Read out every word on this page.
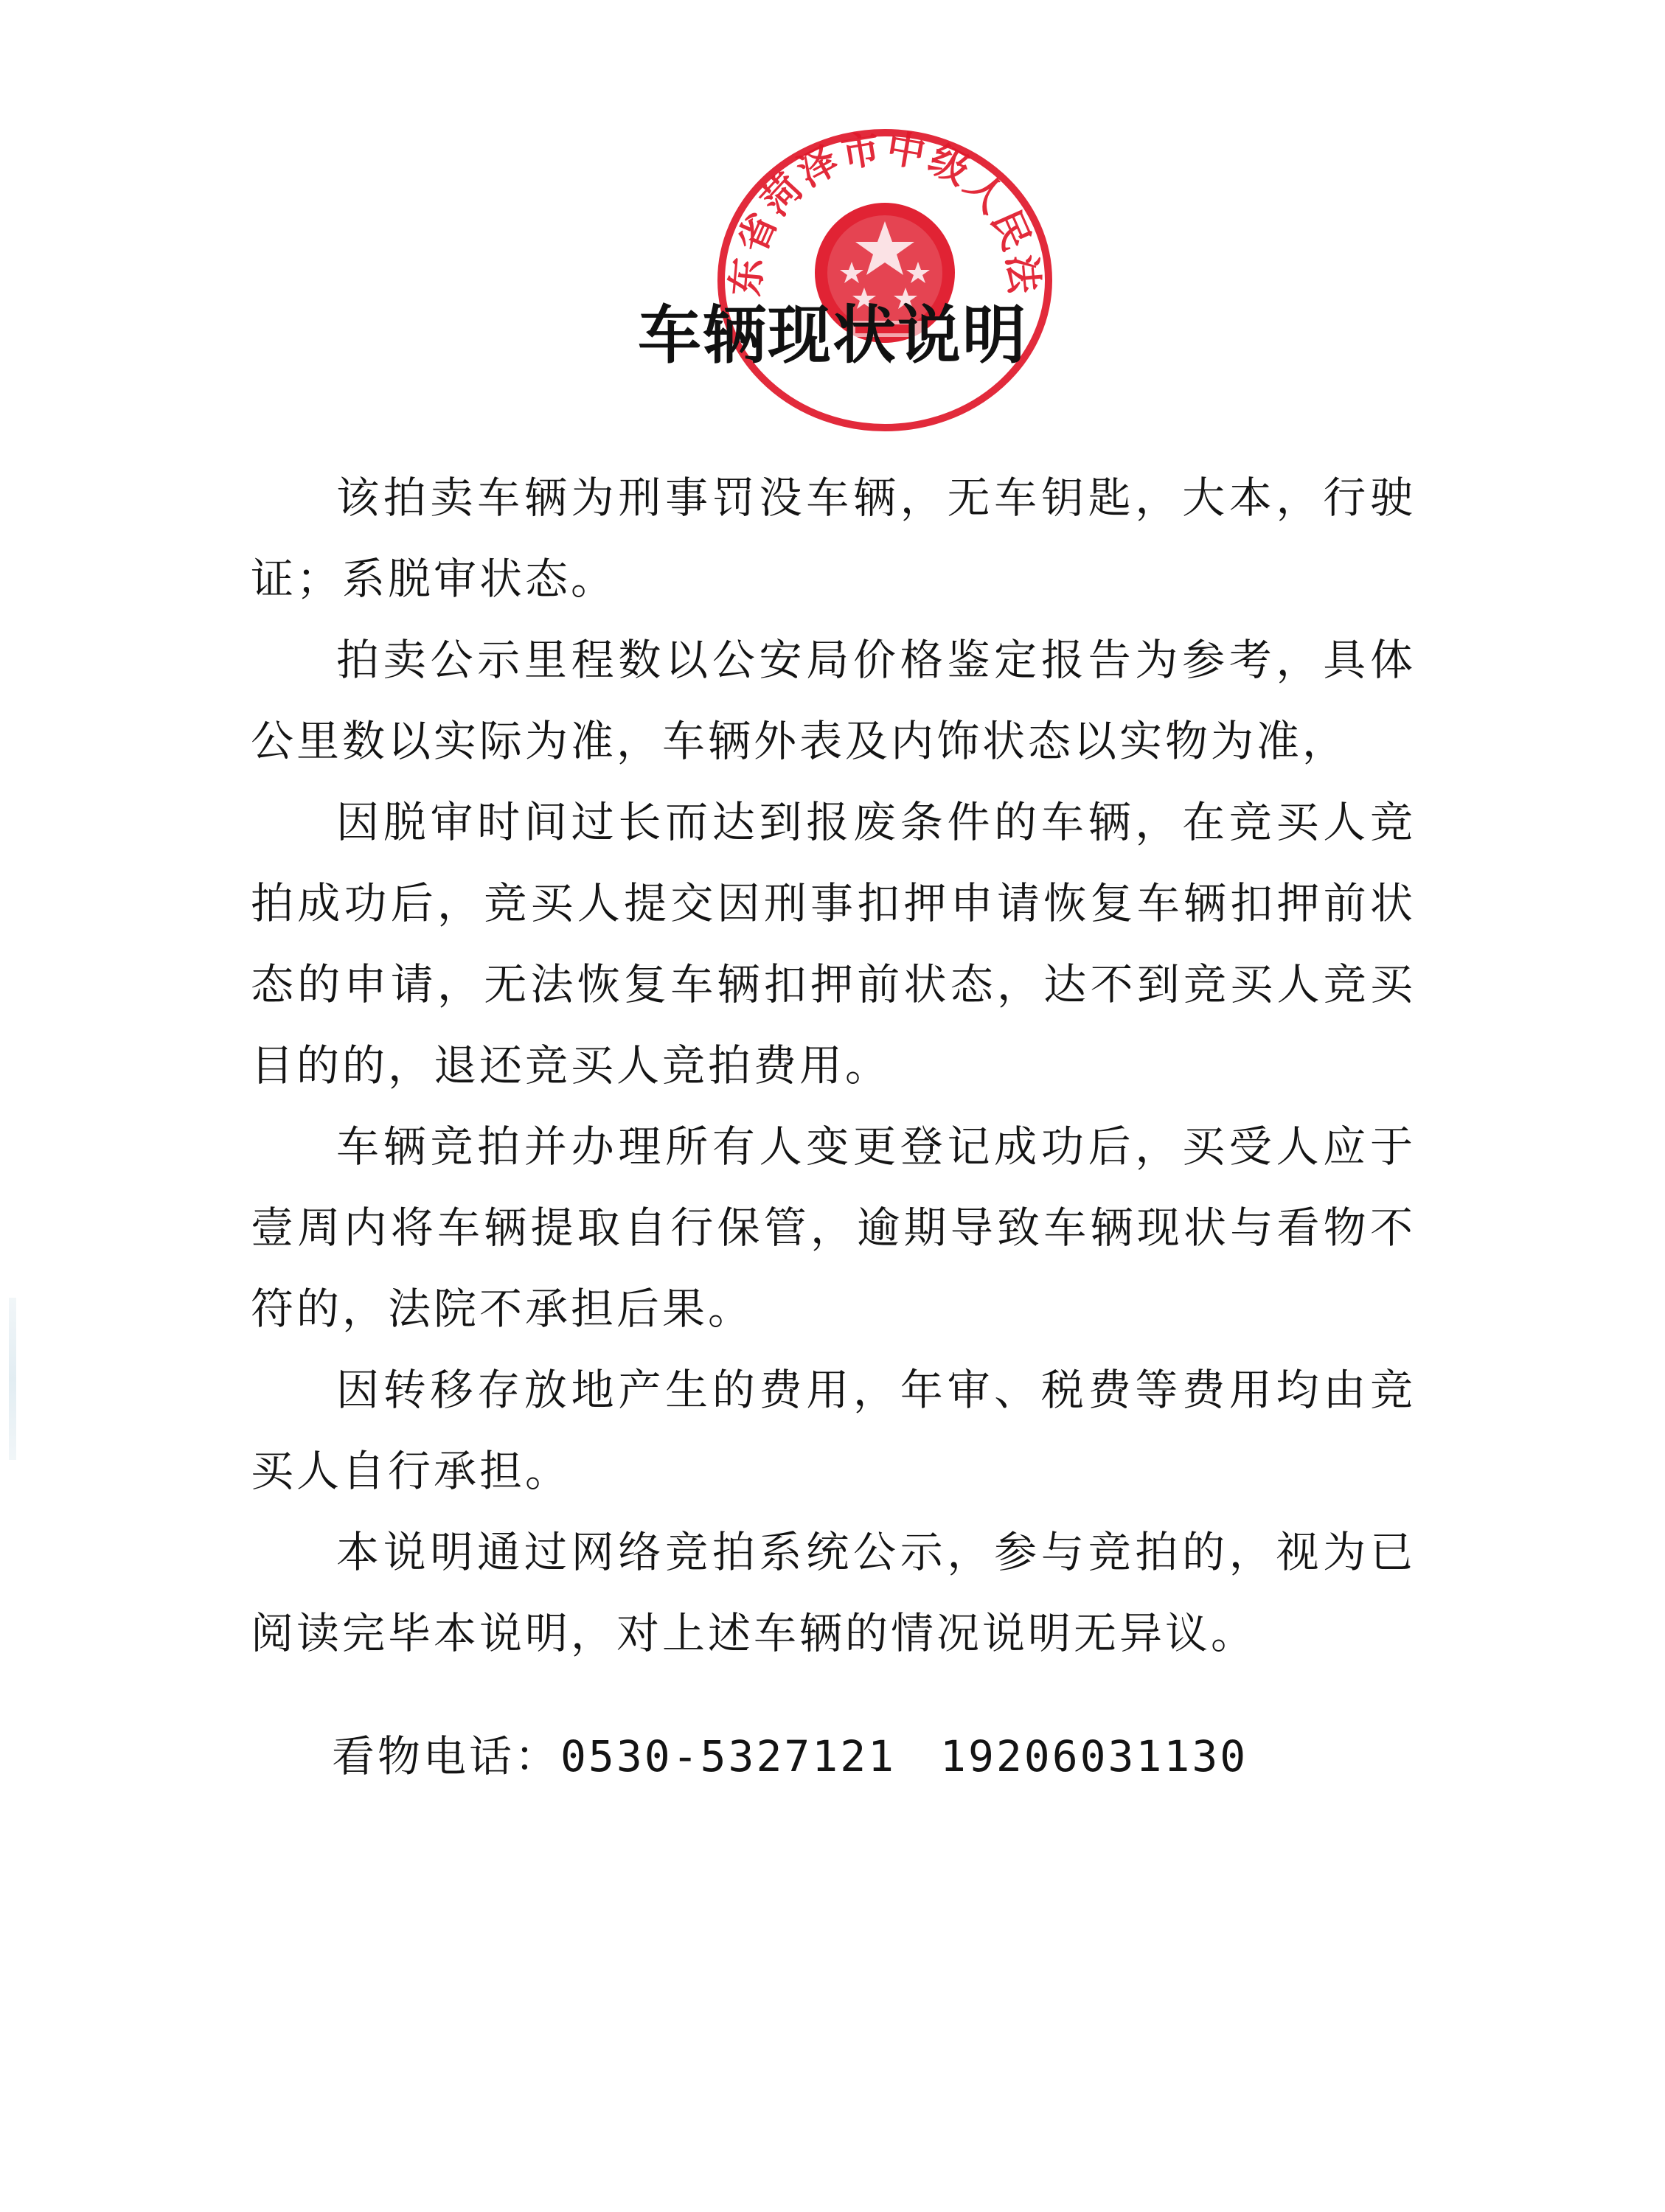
东省菏泽市中级人民法
车辆现状说明

该拍卖车辆为刑事罚没车辆，无车钥匙，大本，行驶证；系脱审状态。

拍卖公示里程数以公安局价格鉴定报告为参考，具体公里数以实际为准，车辆外表及内饰状态以实物为准，

因脱审时间过长而达到报废条件的车辆，在竞买人竞拍成功后，竞买人提交因刑事扣押申请恢复车辆扣押前状态的申请，无法恢复车辆扣押前状态，达不到竞买人竞买目的的，退还竞买人竞拍费用。

车辆竞拍并办理所有人变更登记成功后，买受人应于壹周内将车辆提取自行保管，逾期导致车辆现状与看物不符的，法院不承担后果。

因转移存放地产生的费用，年审、税费等费用均由竞买人自行承担。

本说明通过网络竞拍系统公示，参与竞拍的，视为已阅读完毕本说明，对上述车辆的情况说明无异议。

看物电话：0530-5327121 19206031130
